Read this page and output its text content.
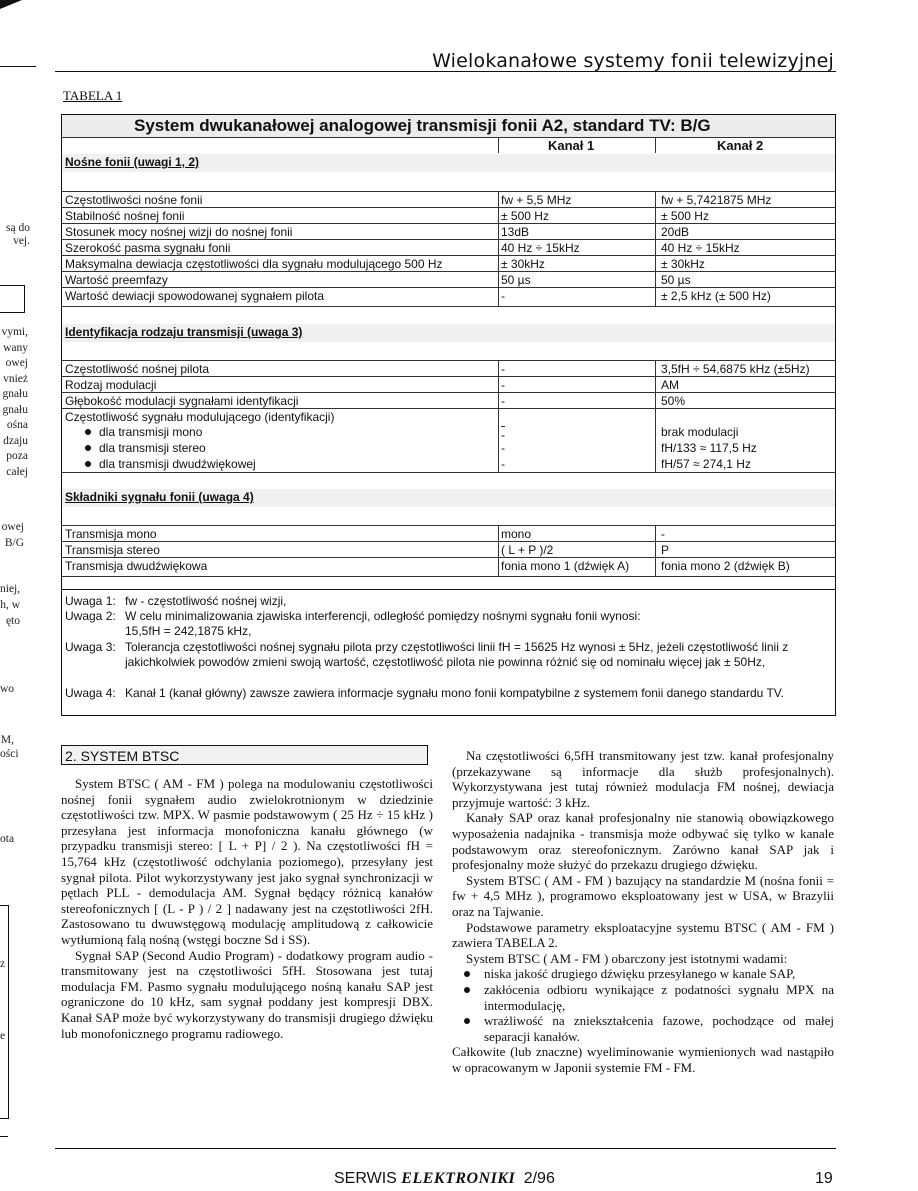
są do
vej.
vymi,
wany
owej
vnież
gnału
gnału
ośna
dzaju
poza
całej
owej
B/G
niej,
h, w
ęto
wo
M,
ości
ota
z
e
Wielokanałowe systemy fonii telewizyjnej
TABELA 1
System dwukanałowej analogowej transmisji fonii A2, standard TV: B/G
Kanał 1	Kanał 2
Nośne fonii (uwagi 1, 2)
Częstotliwości nośne fonii	fw + 5,5 MHz	fw + 5,7421875 MHz
Stabilność nośnej fonii	± 500 Hz	± 500 Hz
Stosunek mocy nośnej wizji do nośnej fonii	13dB	20dB
Szerokość pasma sygnału fonii	40 Hz ÷ 15kHz	40 Hz ÷ 15kHz
Maksymalna dewiacja częstotliwości dla sygnału modulującego 500 Hz	± 30kHz	± 30kHz
Wartość preemfazy	50 µs	50 µs
Wartość dewiacji spowodowanej sygnałem pilota	-	± 2,5 kHz (± 500 Hz)
Identyfikacja rodzaju transmisji (uwaga 3)
Częstotliwość nośnej pilota	-	3,5fH ÷ 54,6875 kHz (±5Hz)
Rodzaj modulacji	-	AM
Głębokość modulacji sygnałami identyfikacji	-	50%
Częstotliwość sygnału modulującego (identyfikacji)
dla transmisji mono	-	brak modulacji
dla transmisji stereo	-	fH/133 ≈ 117,5 Hz
dla transmisji dwudźwiękowej	-	fH/57 ≈ 274,1 Hz
Składniki sygnału fonii (uwaga 4)
Transmisja mono	mono	-
Transmisja stereo	( L + P )/2	P
Transmisja dwudźwiękowa	fonia mono 1 (dźwięk A)	fonia mono 2 (dźwięk B)
Uwaga 1: fw - częstotliwość nośnej wizji,
Uwaga 2: W celu minimalizowania zjawiska interferencji, odległość pomiędzy nośnymi sygnału fonii wynosi:
15,5fH = 242,1875 kHz,
Uwaga 3: Tolerancja częstotliwości nośnej sygnału pilota przy częstotliwości linii fH = 15625 Hz wynosi ± 5Hz, jeżeli częstotliwość linii z jakichkolwiek powodów zmieni swoją wartość, częstotliwość pilota nie powinna różnić się od nominału więcej jak ± 50Hz,
Uwaga 4: Kanał 1 (kanał główny) zawsze zawiera informacje sygnału mono fonii kompatybilne z systemem fonii danego standardu TV.
2. SYSTEM BTSC

System BTSC ( AM - FM ) polega na modulowaniu częstotliwości nośnej fonii sygnałem audio zwielokrotnionym w dziedzinie częstotliwości tzw. MPX. W pasmie podstawowym ( 25 Hz ÷ 15 kHz ) przesyłana jest informacja monofoniczna kanału głównego (w przypadku transmisji stereo: [ L + P] / 2 ). Na częstotliwości fH = 15,764 kHz (częstotliwość odchylania poziomego), przesyłany jest sygnał pilota. Pilot wykorzystywany jest jako sygnał synchronizacji w pętlach PLL - demodulacja AM. Sygnał będący różnicą kanałów stereofonicznych [ (L - P ) / 2 ] nadawany jest na częstotliwości 2fH. Zastosowano tu dwuwstęgową modulację amplitudową z całkowicie wytłumioną falą nośną (wstęgi boczne Sd i SS).

Sygnał SAP (Second Audio Program) - dodatkowy program audio - transmitowany jest na częstotliwości 5fH. Stosowana jest tutaj modulacja FM. Pasmo sygnału modulującego nośną kanału SAP jest ograniczone do 10 kHz, sam sygnał poddany jest kompresji DBX. Kanał SAP może być wykorzystywany do transmisji drugiego dźwięku lub monofonicznego programu radiowego.

Na częstotliwości 6,5fH transmitowany jest tzw. kanał profesjonalny (przekazywane są informacje dla służb profesjonalnych). Wykorzystywana jest tutaj również modulacja FM nośnej, dewiacja przyjmuje wartość: 3 kHz.

Kanały SAP oraz kanał profesjonalny nie stanowią obowiązkowego wyposażenia nadajnika - transmisja może odbywać się tylko w kanale podstawowym oraz stereofonicznym. Zarówno kanał SAP jak i profesjonalny może służyć do przekazu drugiego dźwięku.

System BTSC ( AM - FM ) bazujący na standardzie M (nośna fonii = fw + 4,5 MHz ), programowo eksploatowany jest w USA, w Brazylii oraz na Tajwanie.

Podstawowe parametry eksploatacyjne systemu BTSC ( AM - FM ) zawiera TABELA 2.

System BTSC ( AM - FM ) obarczony jest istotnymi wadami:

niska jakość drugiego dźwięku przesyłanego w kanale SAP,
zakłócenia odbioru wynikające z podatności sygnału MPX na intermodulację,
wrażliwość na zniekształcenia fazowe, pochodzące od małej separacji kanałów.

Całkowite (lub znaczne) wyeliminowanie wymienionych wad nastąpiło w opracowanym w Japonii systemie FM - FM.

SERWIS ELEKTRONIKI 2/96	19
